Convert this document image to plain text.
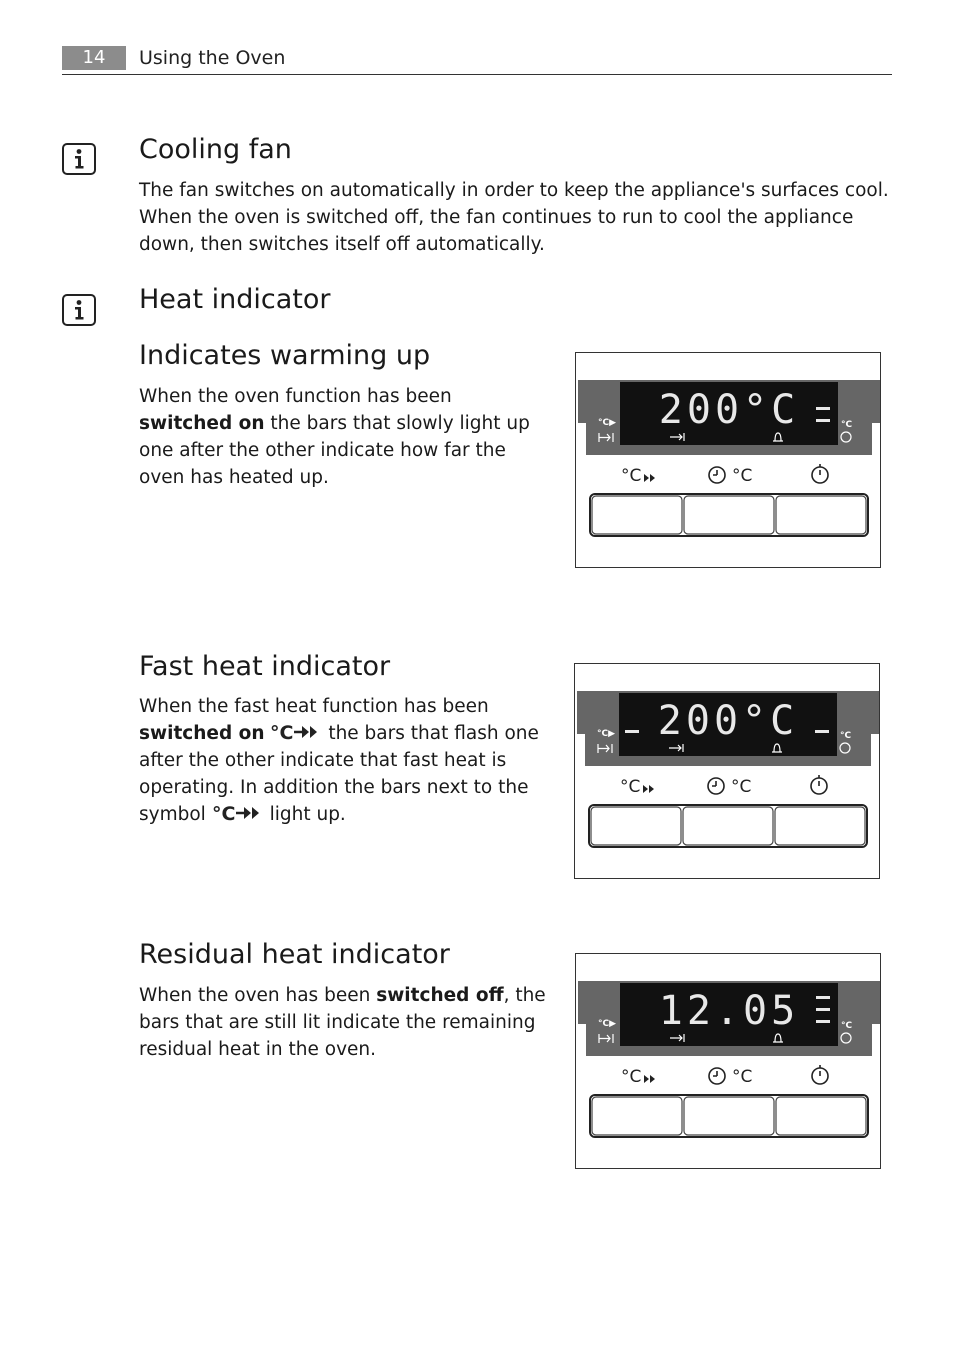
14	Using the Oven
Cooling fan

The fan switches on automatically in order to keep the appliance's surfaces cool. When the oven is switched off, the fan continues to run to cool the appliance down, then switches itself off automatically.

Heat indicator
Indicates warming up

When the oven function has been switched on the bars that slowly light up one after the other indicate how far the oven has heated up.

Fast heat indicator

When the fast heat function has been switched on °C the bars that flash one after the other indicate that fast heat is operating. In addition the bars next to the symbol °C light up.

Residual heat indicator

When the oven has been switched off, the bars that are still lit indicate the remaining residual heat in the oven.

200°C
°C▶	°C
°C	°C
200°C
°C▶	°C
°C	°C
12.05
°C▶	°C
°C	°C
